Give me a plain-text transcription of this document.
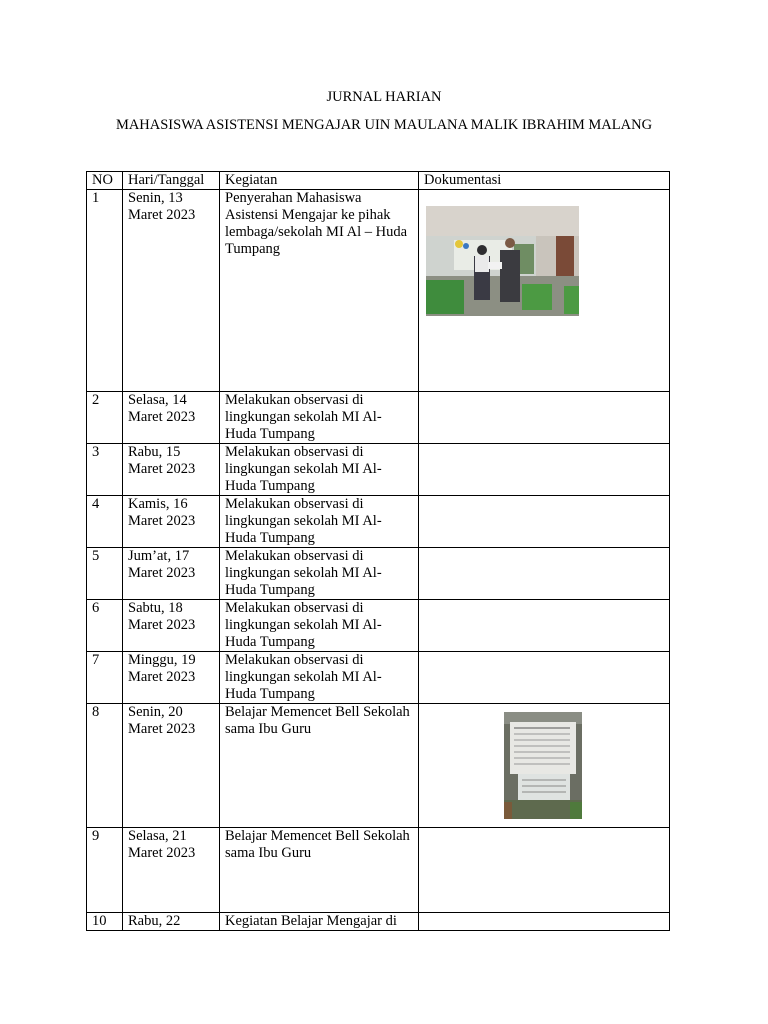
JURNAL HARIAN
MAHASISWA ASISTENSI MENGAJAR UIN MAULANA MALIK IBRAHIM MALANG
NO	Hari/Tanggal	Kegiatan	Dokumentasi
1	Senin, 13 Maret 2023	Penyerahan Mahasiswa Asistensi Mengajar ke pihak lembaga/sekolah MI Al – Huda Tumpang	
2	Selasa, 14 Maret 2023	Melakukan observasi di lingkungan sekolah MI Al-Huda Tumpang	
3	Rabu, 15 Maret 2023	Melakukan observasi di lingkungan sekolah MI Al-Huda Tumpang	
4	Kamis, 16 Maret 2023	Melakukan observasi di lingkungan sekolah MI Al-Huda Tumpang	
5	Jum’at, 17 Maret 2023	Melakukan observasi di lingkungan sekolah MI Al-Huda Tumpang	
6	Sabtu, 18 Maret 2023	Melakukan observasi di lingkungan sekolah MI Al-Huda Tumpang	
7	Minggu, 19 Maret 2023	Melakukan observasi di lingkungan sekolah MI Al-Huda Tumpang	
8	Senin, 20 Maret 2023	Belajar Memencet Bell Sekolah sama Ibu Guru	
9	Selasa, 21 Maret 2023	Belajar Memencet Bell Sekolah sama Ibu Guru	
10	Rabu, 22	Kegiatan Belajar Mengajar di	
